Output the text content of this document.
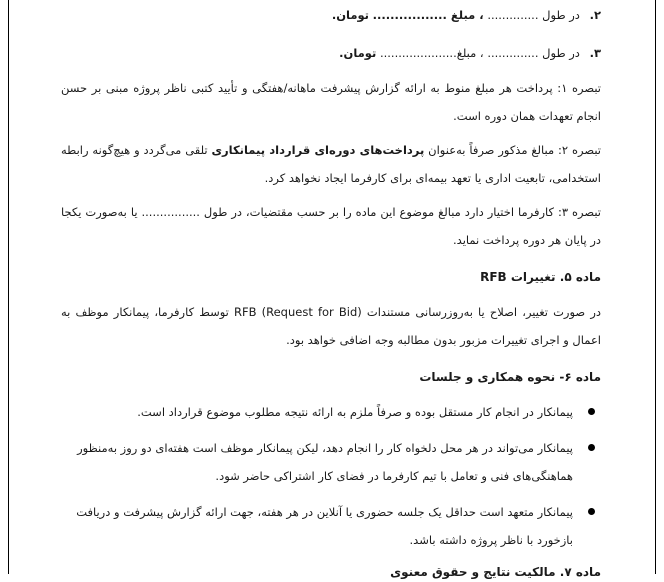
۲. در طول .............. ، مبلغ ................. تومان.
۳. در طول .............. ، مبلغ..................... تومان.

تبصره ۱: پرداخت هر مبلغ منوط به ارائه گزارش پیشرفت ماهانه/هفتگی و تأیید کتبی ناظر پروژه مبنی بر حسن انجام تعهدات همان دوره است.

تبصره ۲: مبالغ مذکور صرفاً به‌عنوان پرداخت‌های دوره‌ای قرارداد پیمانکاری تلقی می‌گردد و هیچ‌گونه رابطه استخدامی، تابعیت اداری یا تعهد بیمه‌ای برای کارفرما ایجاد نخواهد کرد.

تبصره ۳: کارفرما اختیار دارد مبالغ موضوع این ماده را بر حسب مقتضیات، در طول ................ یا به‌صورت یکجا در پایان هر دوره پرداخت نماید.

ماده ۵. تغییرات RFB

در صورت تغییر، اصلاح یا به‌روزرسانی مستندات RFB (Request for Bid) توسط کارفرما، پیمانکار موظف به اعمال و اجرای تغییرات مزبور بدون مطالبه وجه اضافی خواهد بود.

ماده ۶- نحوه همکاری و جلسات
پیمانکار در انجام کار مستقل بوده و صرفاً ملزم به ارائه نتیجه مطلوب موضوع قرارداد است.
پیمانکار می‌تواند در هر محل دلخواه کار را انجام دهد، لیکن پیمانکار موظف است هفته‌ای دو روز به‌منظور هماهنگی‌های فنی و تعامل با تیم کارفرما در فضای کار اشتراکی حاضر شود.
پیمانکار متعهد است حداقل یک جلسه حضوری یا آنلاین در هر هفته، جهت ارائه گزارش پیشرفت و دریافت بازخورد با ناظر پروژه داشته باشد.
ماده ۷. مالکیت نتایج و حقوق معنوی
